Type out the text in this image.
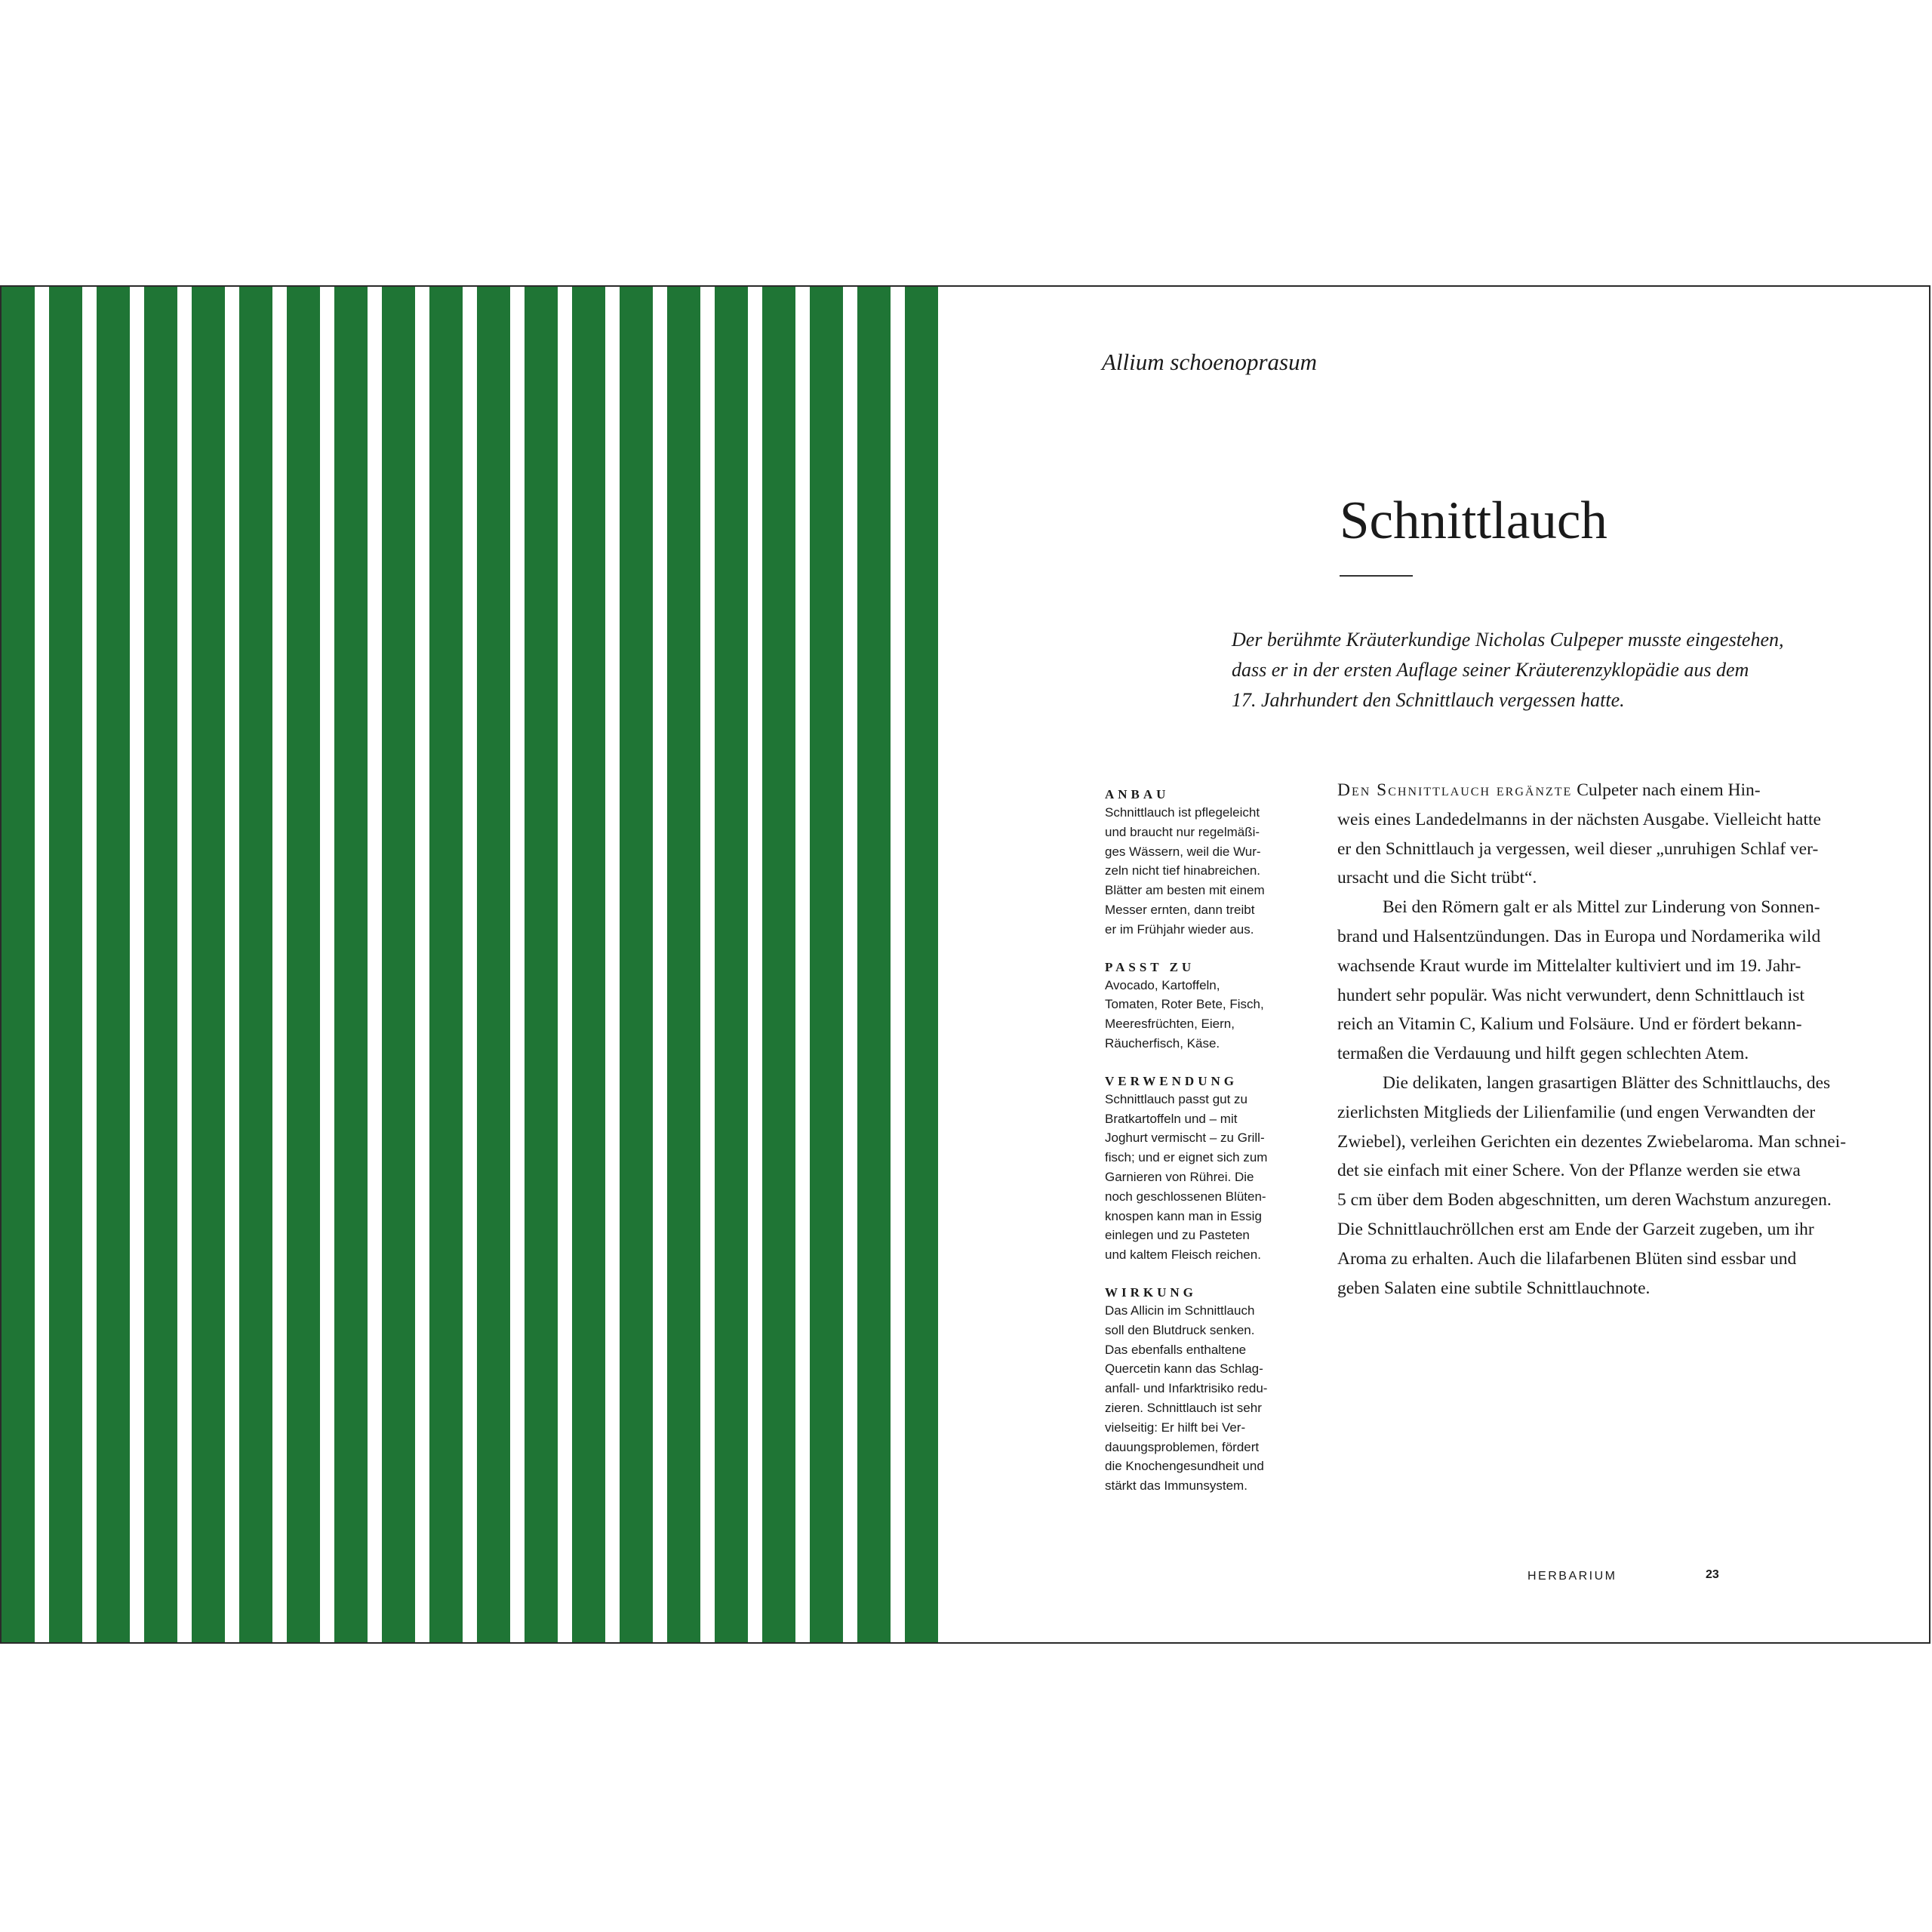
Allium schoenoprasum

Schnittlauch
Der berühmte Kräuterkundige Nicholas Culpeper musste eingestehen,
dass er in der ersten Auflage seiner Kräuterenzyklopädie aus dem
17. Jahrhundert den Schnittlauch vergessen hatte.
ANBAU
Schnittlauch ist pflegeleicht
und braucht nur regelmäßi-
ges Wässern, weil die Wur-
zeln nicht tief hinabreichen.
Blätter am besten mit einem
Messer ernten, dann treibt
er im Frühjahr wieder aus.
PASST ZU
Avocado, Kartoffeln,
Tomaten, Roter Bete, Fisch,
Meeresfrüchten, Eiern,
Räucherfisch, Käse.
VERWENDUNG
Schnittlauch passt gut zu
Bratkartoffeln und – mit
Joghurt vermischt – zu Grill-
fisch; und er eignet sich zum
Garnieren von Rührei. Die
noch geschlossenen Blüten-
knospen kann man in Essig
einlegen und zu Pasteten
und kaltem Fleisch reichen.
WIRKUNG
Das Allicin im Schnittlauch
soll den Blutdruck senken.
Das ebenfalls enthaltene
Quercetin kann das Schlag-
anfall- und Infarktrisiko redu-
zieren. Schnittlauch ist sehr
vielseitig: Er hilft bei Ver-
dauungsproblemen, fördert
die Knochengesundheit und
stärkt das Immunsystem.
Den Schnittlauch ergänzte Culpeter nach einem Hin-
weis eines Landedelmanns in der nächsten Ausgabe. Vielleicht hatte
er den Schnittlauch ja vergessen, weil dieser „unruhigen Schlaf ver-
ursacht und die Sicht trübt“.
Bei den Römern galt er als Mittel zur Linderung von Sonnen-
brand und Halsentzündungen. Das in Europa und Nordamerika wild
wachsende Kraut wurde im Mittelalter kultiviert und im 19. Jahr-
hundert sehr populär. Was nicht verwundert, denn Schnittlauch ist
reich an Vitamin C, Kalium und Folsäure. Und er fördert bekann-
termaßen die Verdauung und hilft gegen schlechten Atem.
Die delikaten, langen grasartigen Blätter des Schnittlauchs, des
zierlichsten Mitglieds der Lilienfamilie (und engen Verwandten der
Zwiebel), verleihen Gerichten ein dezentes Zwiebelaroma. Man schnei-
det sie einfach mit einer Schere. Von der Pflanze werden sie etwa
5 cm über dem Boden abgeschnitten, um deren Wachstum anzuregen.
Die Schnittlauchröllchen erst am Ende der Garzeit zugeben, um ihr
Aroma zu erhalten. Auch die lilafarbenen Blüten sind essbar und
geben Salaten eine subtile Schnittlauchnote.
HERBARIUM	23
